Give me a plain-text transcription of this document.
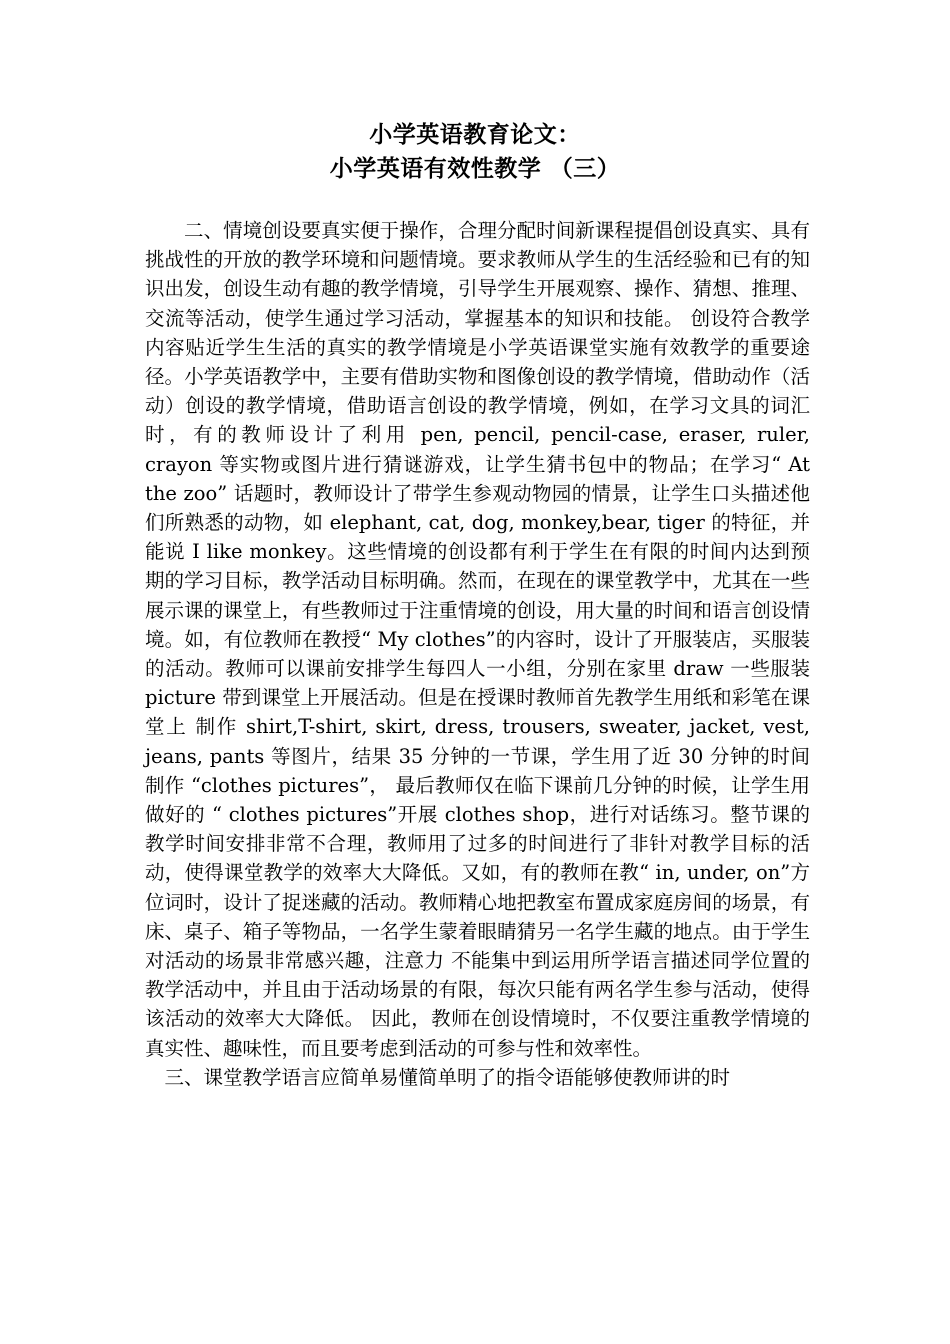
小学英语教育论文：
小学英语有效性教学 （三）

二、情境创设要真实便于操作，合理分配时间新课程提倡创设真实、具有挑战性的开放的教学环境和问题情境。要求教师从学生的生活经验和已有的知识出发，创设生动有趣的教学情境，引导学生开展观察、操作、猜想、推理、交流等活动，使学生通过学习活动，掌握基本的知识和技能。 创设符合教学内容贴近学生生活的真实的教学情境是小学英语课堂实施有效教学的重要途径。小学英语教学中，主要有借助实物和图像创设的教学情境，借助动作（活动）创设的教学情境，借助语言创设的教学情境，例如，在学习文具的词汇时，有的教师设计了利用 pen, pencil, pencil-case, eraser, ruler, crayon 等实物或图片进行猜谜游戏，让学生猜书包中的物品；在学习“ At the zoo” 话题时，教师设计了带学生参观动物园的情景，让学生口头描述他们所熟悉的动物，如 elephant, cat, dog, monkey,bear, tiger 的特征，并能说 I like monkey。这些情境的创设都有利于学生在有限的时间内达到预期的学习目标，教学活动目标明确。然而，在现在的课堂教学中，尤其在一些展示课的课堂上，有些教师过于注重情境的创设，用大量的时间和语言创设情境。如，有位教师在教授“ My clothes”的内容时，设计了开服装店，买服装的活动。教师可以课前安排学生每四人一小组，分别在家里 draw 一些服装 picture 带到课堂上开展活动。但是在授课时教师首先教学生用纸和彩笔在课堂上 制作 shirt,T-shirt, skirt, dress, trousers, sweater, jacket, vest, jeans, pants 等图片，结果 35 分钟的一节课，学生用了近 30 分钟的时间制作 “clothes pictures”， 最后教师仅在临下课前几分钟的时候，让学生用做好的 “ clothes pictures”开展 clothes shop，进行对话练习。整节课的教学时间安排非常不合理，教师用了过多的时间进行了非针对教学目标的活动，使得课堂教学的效率大大降低。又如，有的教师在教“ in, under, on”方位词时，设计了捉迷藏的活动。教师精心地把教室布置成家庭房间的场景，有床、桌子、箱子等物品，一名学生蒙着眼睛猜另一名学生藏的地点。由于学生对活动的场景非常感兴趣，注意力 不能集中到运用所学语言描述同学位置的教学活动中，并且由于活动场景的有限，每次只能有两名学生参与活动，使得该活动的效率大大降低。 因此，教师在创设情境时，不仅要注重教学情境的真实性、趣味性，而且要考虑到活动的可参与性和效率性。

三、课堂教学语言应简单易懂简单明了的指令语能够使教师讲的时
